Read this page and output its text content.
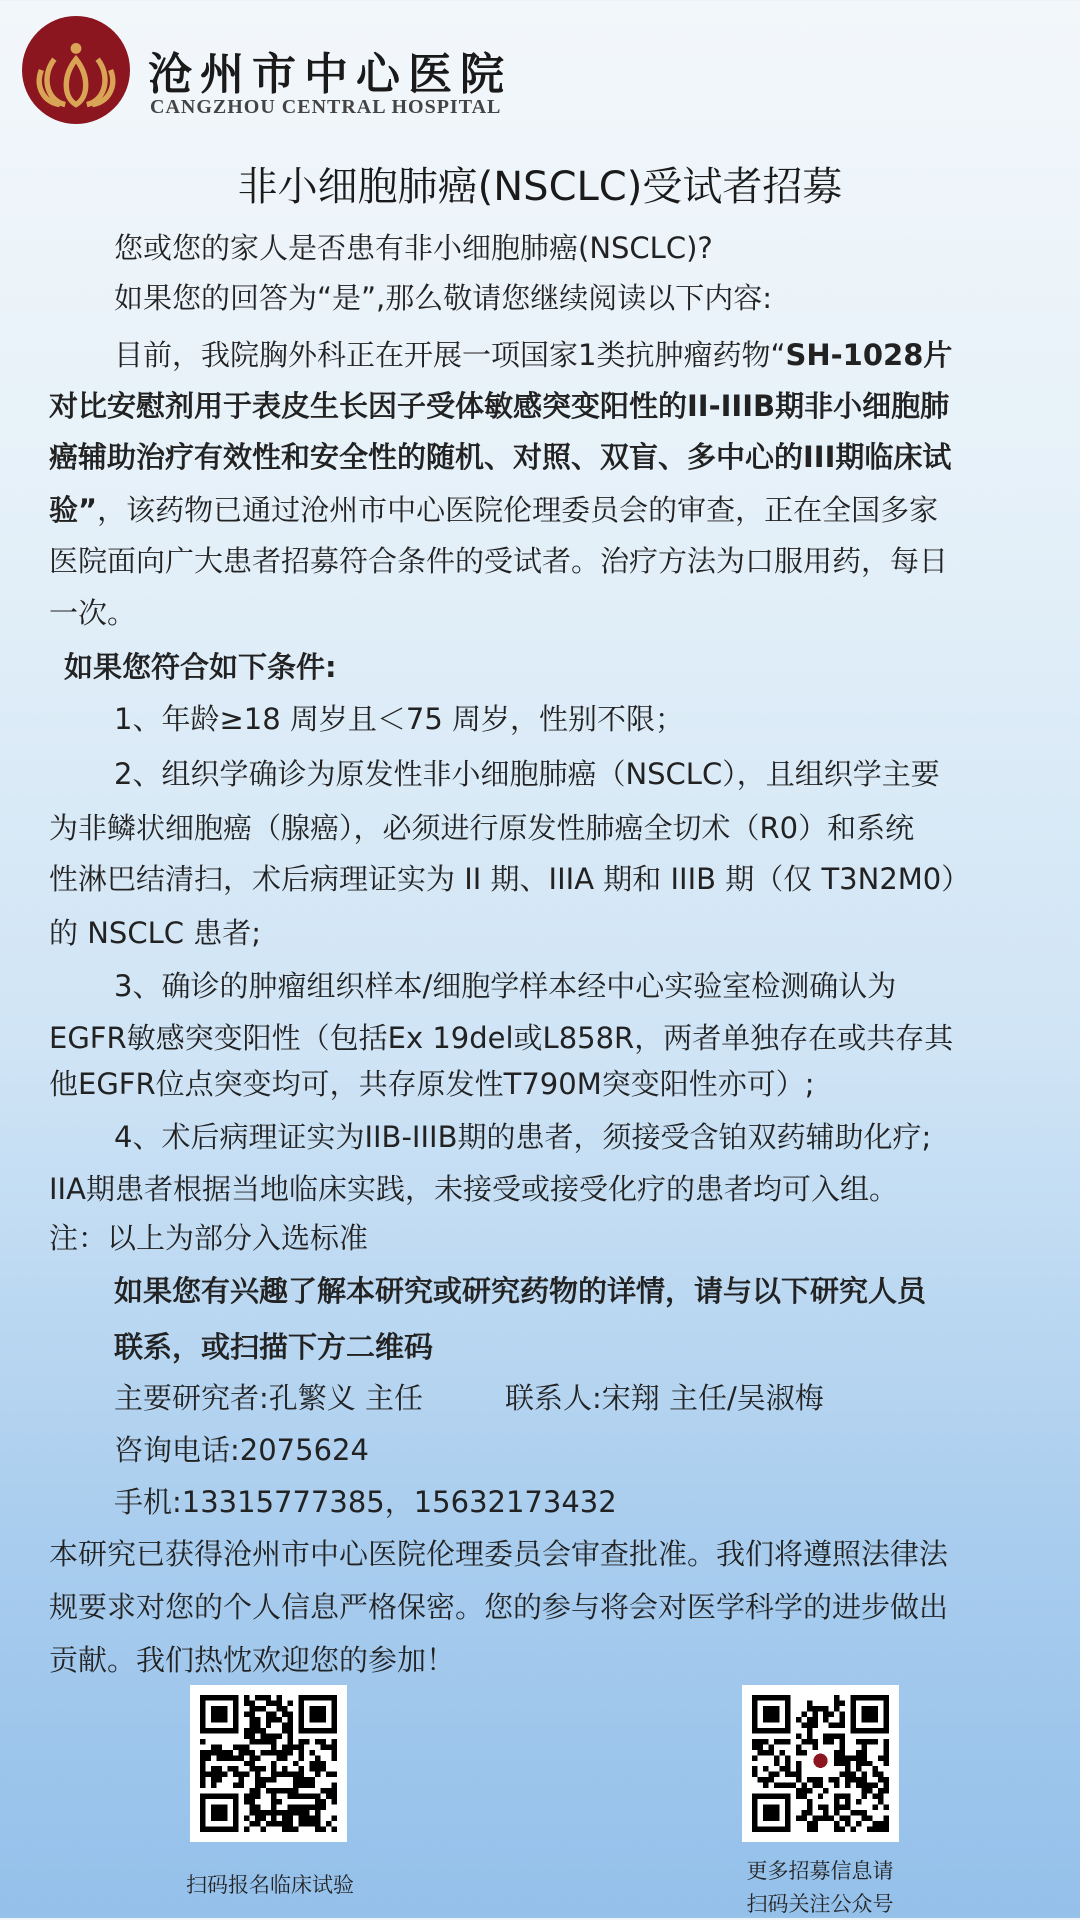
沧州市中心医院
CANGZHOU CENTRAL HOSPITAL
非小细胞肺癌(NSCLC)受试者招募
您或您的家人是否患有非小细胞肺癌(NSCLC)?
如果您的回答为“是”,那么敬请您继续阅读以下内容:
目前，我院胸外科正在开展一项国家1类抗肿瘤药物“SH-1028片
对比安慰剂用于表皮生长因子受体敏感突变阳性的II-IIIB期非小细胞肺
癌辅助治疗有效性和安全性的随机、对照、双盲、多中心的III期临床试
验”，该药物已通过沧州市中心医院伦理委员会的审查，正在全国多家
医院面向广大患者招募符合条件的受试者。治疗方法为口服用药，每日
一次。
如果您符合如下条件:
1、年龄≥18 周岁且＜75 周岁，性别不限；
2、组织学确诊为原发性非小细胞肺癌（NSCLC），且组织学主要
为非鳞状细胞癌（腺癌），必须进行原发性肺癌全切术（R0）和系统
性淋巴结清扫，术后病理证实为 II 期、IIIA 期和 IIIB 期（仅 T3N2M0）
的 NSCLC 患者;
3、确诊的肿瘤组织样本/细胞学样本经中心实验室检测确认为
EGFR敏感突变阳性（包括Ex 19del或L858R，两者单独存在或共存其
他EGFR位点突变均可，共存原发性T790M突变阳性亦可）;
4、术后病理证实为IIB-IIIB期的患者，须接受含铂双药辅助化疗;
IIA期患者根据当地临床实践，未接受或接受化疗的患者均可入组。
注：以上为部分入选标准
如果您有兴趣了解本研究或研究药物的详情，请与以下研究人员
联系，或扫描下方二维码
主要研究者:孔繁义 主任	联系人:宋翔 主任/吴淑梅
咨询电话:2075624
手机:13315777385，15632173432
本研究已获得沧州市中心医院伦理委员会审查批准。我们将遵照法律法
规要求对您的个人信息严格保密。您的参与将会对医学科学的进步做出
贡献。我们热忱欢迎您的参加！
扫码报名临床试验
更多招募信息请
扫码关注公众号
